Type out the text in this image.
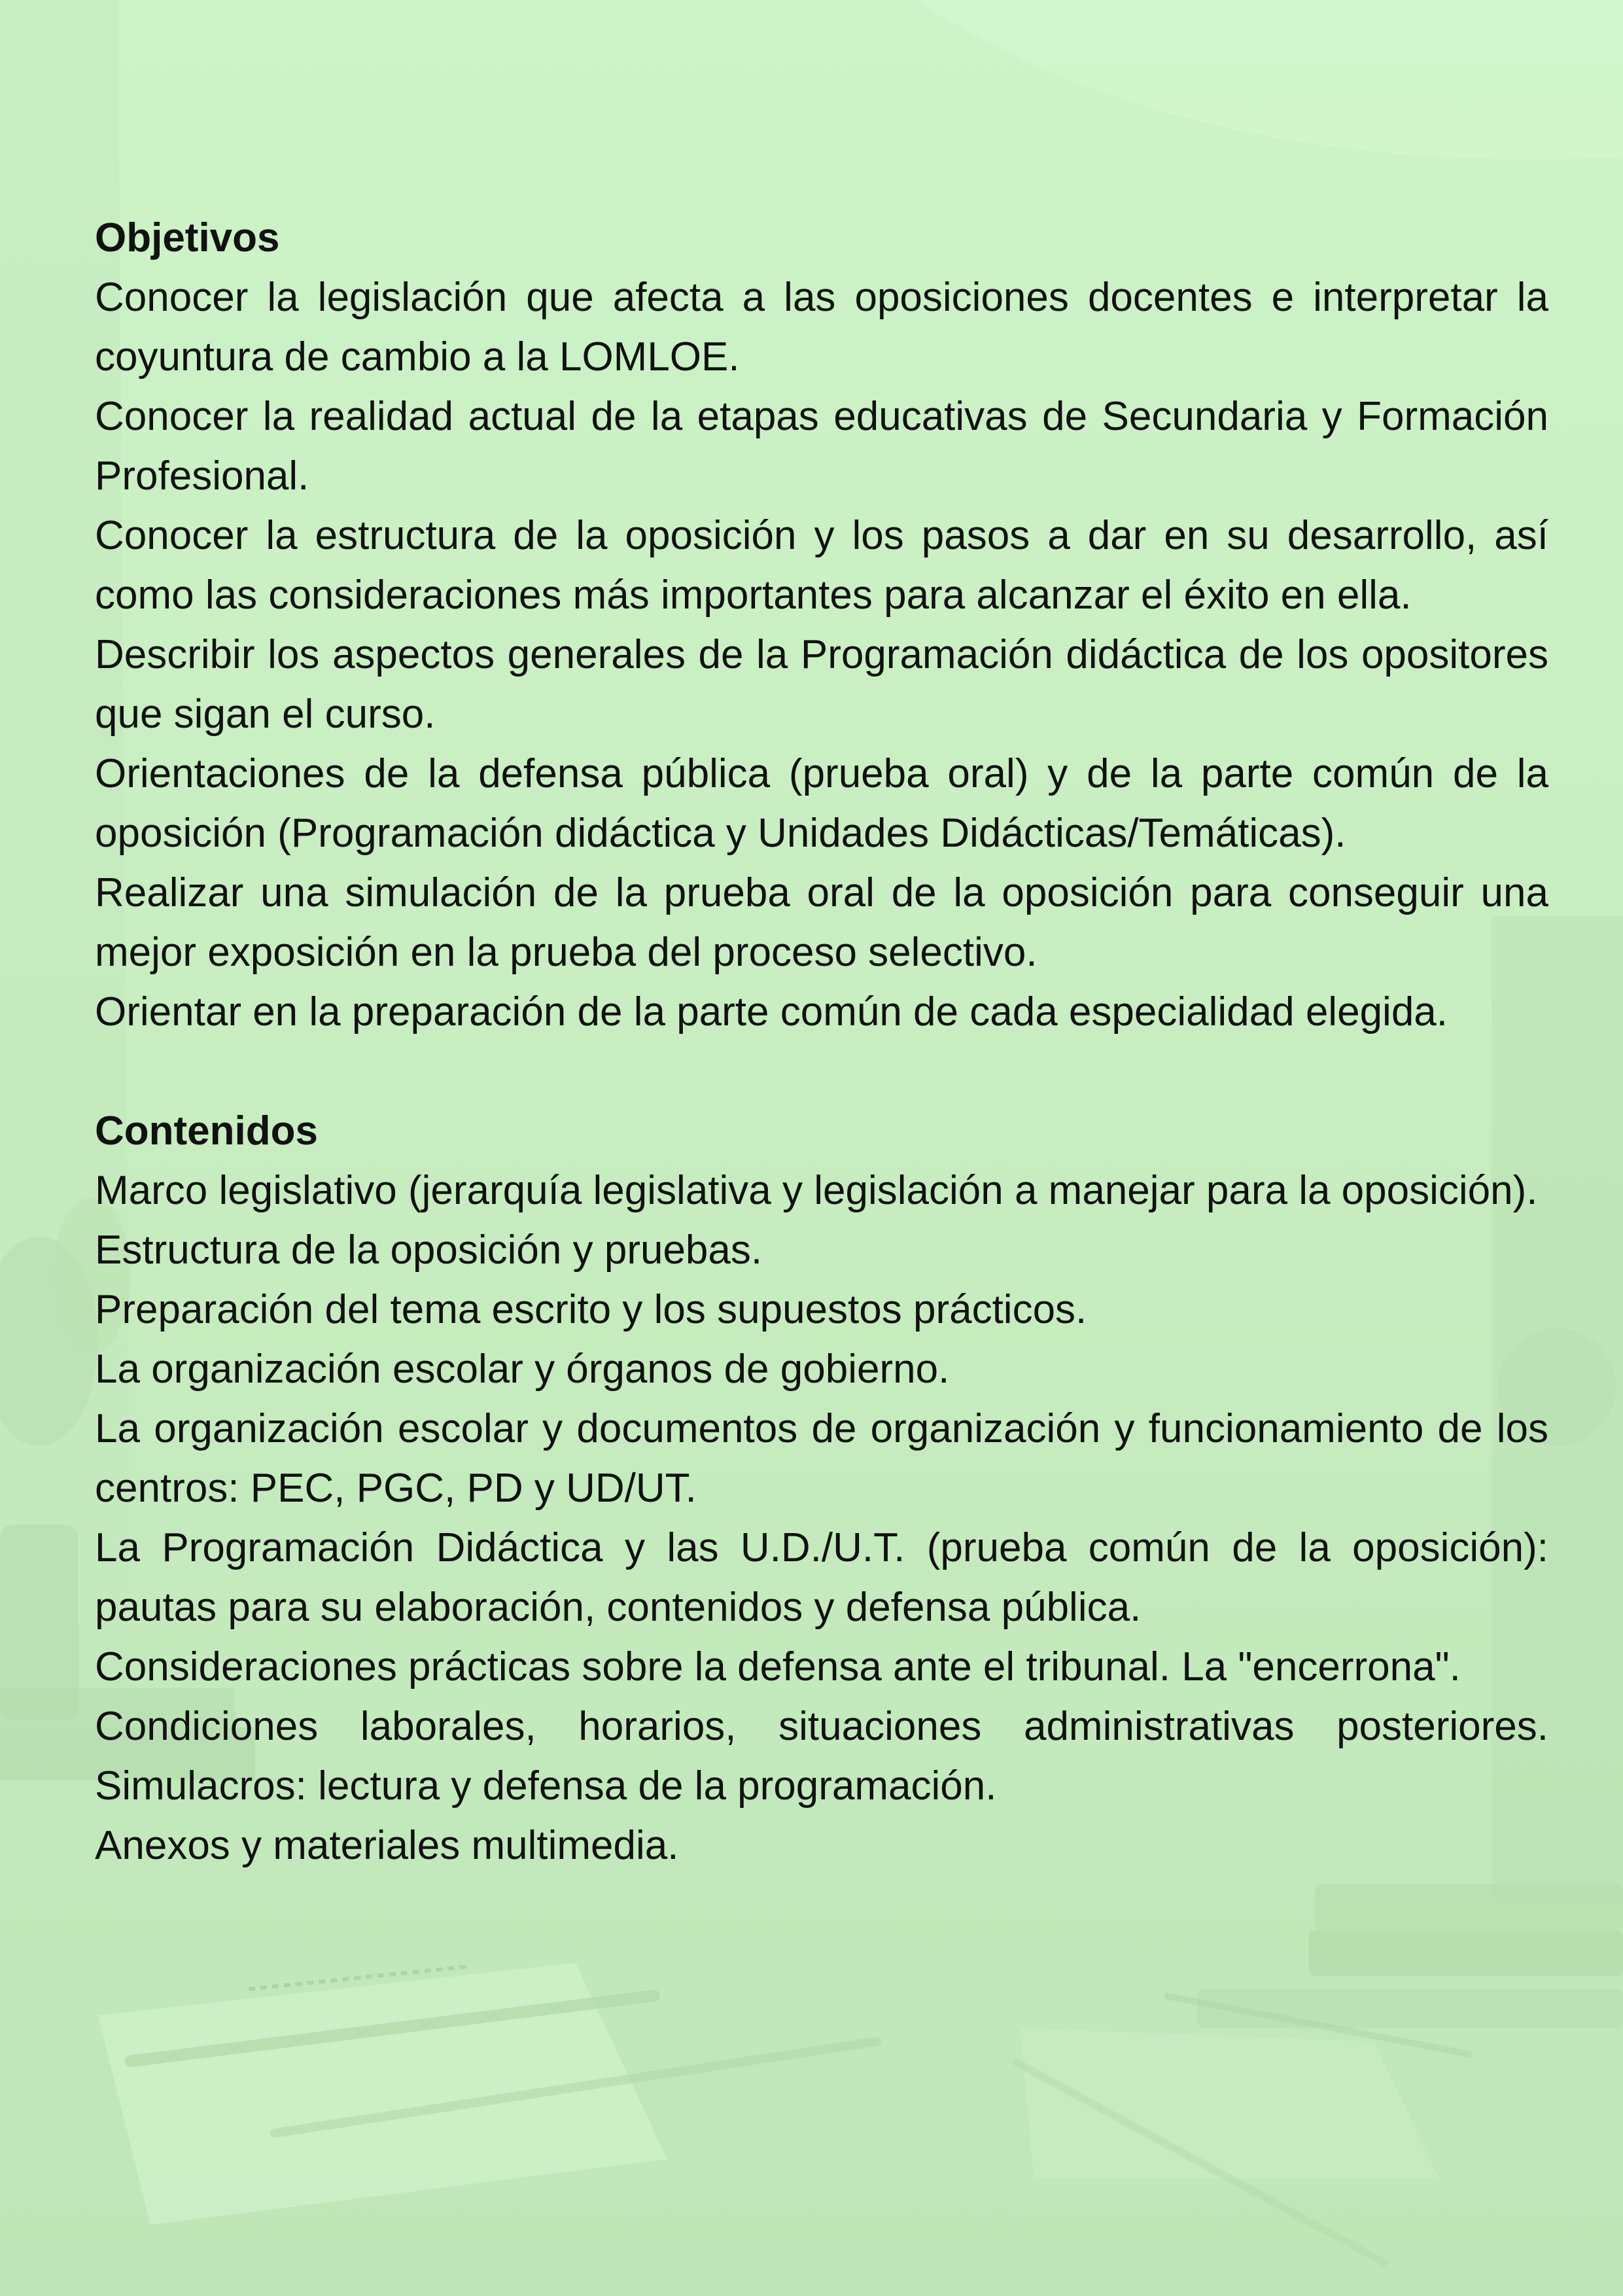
Objetivos

Conocer la legislación que afecta a las oposiciones docentes e interpretar la coyuntura de cambio a la LOMLOE.

Conocer la realidad actual de la etapas educativas de Secundaria y Formación Profesional.

Conocer la estructura de la oposición y los pasos a dar en su desarrollo, así como las consideraciones más importantes para alcanzar el éxito en ella.

Describir los aspectos generales de la Programación didáctica de los opositores que sigan el curso.

Orientaciones de la defensa pública (prueba oral) y de la parte común de la oposición (Programación didáctica y Unidades Didácticas/Temáticas).

Realizar una simulación de la prueba oral de la oposición para conseguir una mejor exposición en la prueba del proceso selectivo.

Orientar en la preparación de la parte común de cada especialidad elegida.

Contenidos

Marco legislativo (jerarquía legislativa y legislación a manejar para la oposición).

Estructura de la oposición y pruebas.

Preparación del tema escrito y los supuestos prácticos.

La organización escolar y órganos de gobierno.

La organización escolar y documentos de organización y funcionamiento de los centros: PEC, PGC, PD y UD/UT.

La Programación Didáctica y las U.D./U.T. (prueba común de la oposición): pautas para su elaboración, contenidos y defensa pública.

Consideraciones prácticas sobre la defensa ante el tribunal. La "encerrona".

Condiciones laborales, horarios, situaciones administrativas posteriores.

Simulacros: lectura y defensa de la programación.

Anexos y materiales multimedia.
